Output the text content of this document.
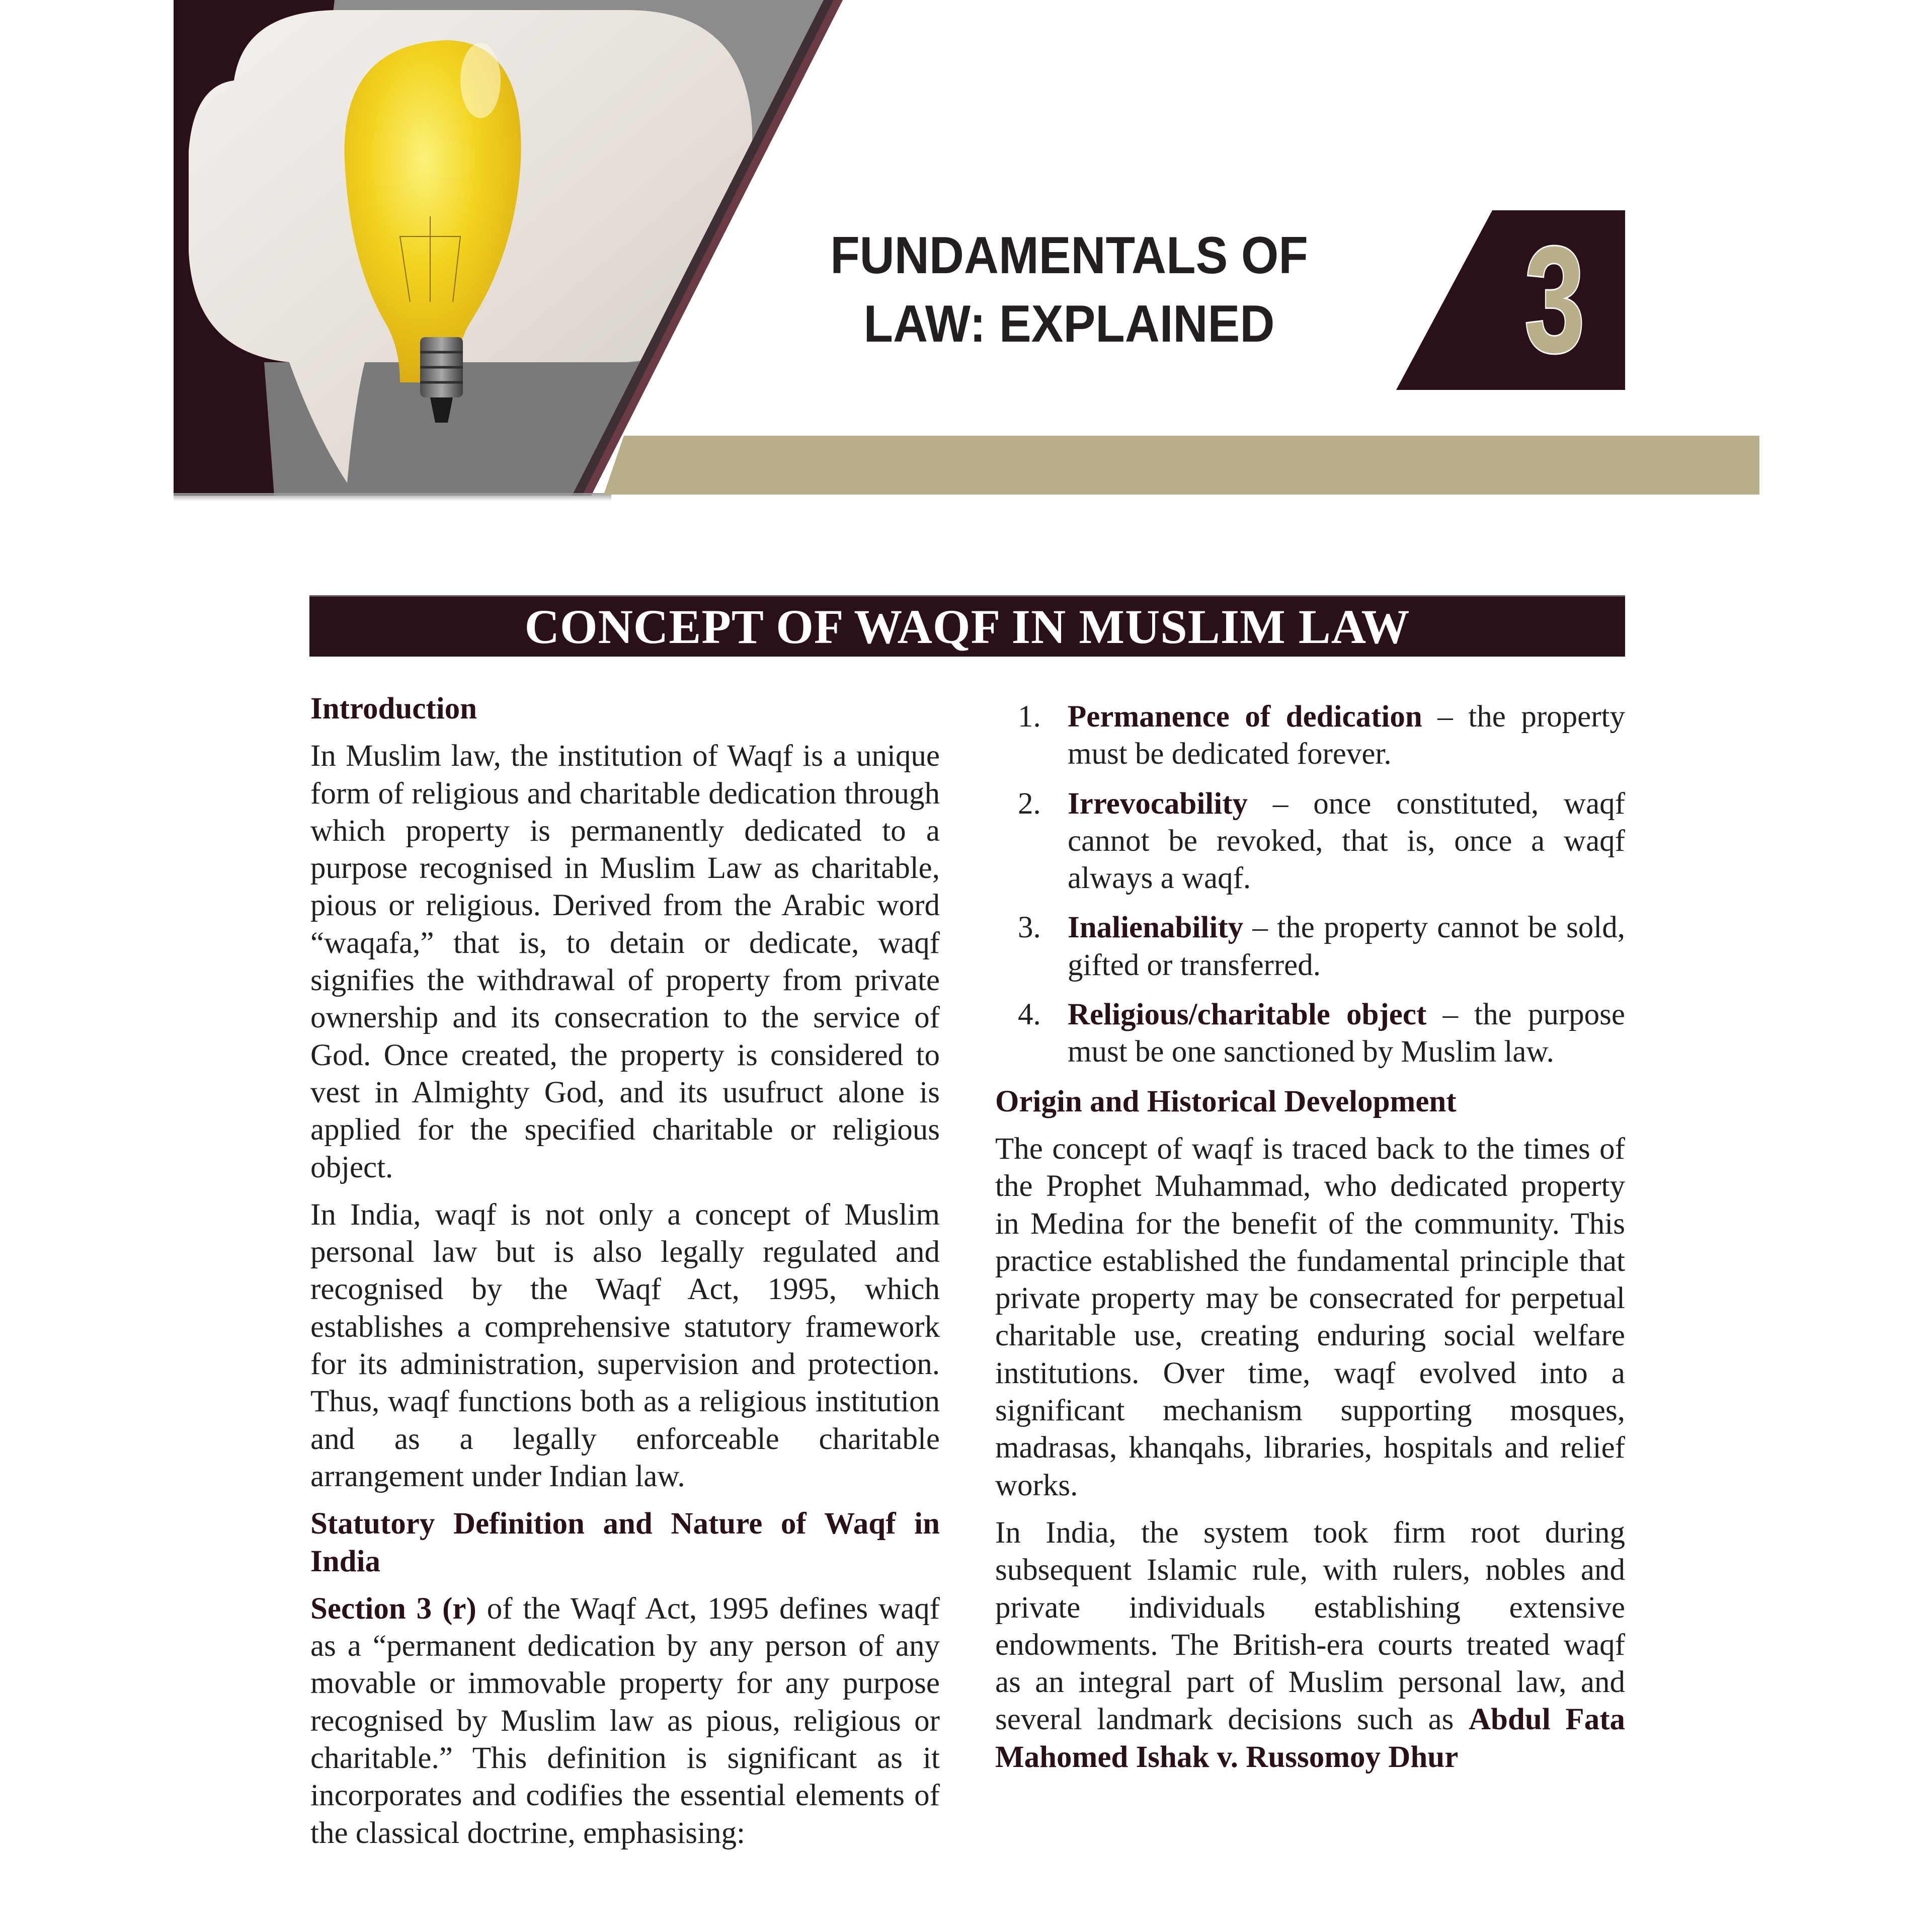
FUNDAMENTALS OF
LAW: EXPLAINED	3
CONCEPT OF WAQF IN MUSLIM LAW
Introduction
In Muslim law, the institution of Waqf is a unique form of religious and charitable dedication through which property is permanently dedicated to a purpose recognised in Muslim Law as charitable, pious or religious. Derived from the Arabic word “waqafa,” that is, to detain or dedicate, waqf signifies the withdrawal of property from private ownership and its consecration to the service of God. Once created, the property is considered to vest in Almighty God, and its usufruct alone is applied for the specified charitable or religious object.
In India, waqf is not only a concept of Muslim personal law but is also legally regulated and recognised by the Waqf Act, 1995, which establishes a comprehensive statutory framework for its administration, supervision and protection. Thus, waqf functions both as a religious institution and as a legally enforceable charitable arrangement under Indian law.
Statutory Definition and Nature of Waqf in India
Section 3 (r) of the Waqf Act, 1995 defines waqf as a “permanent dedication by any person of any movable or immovable property for any purpose recognised by Muslim law as pious, religious or charitable.” This definition is significant as it incorporates and codifies the essential elements of the classical doctrine, emphasising:
1. Permanence of dedication – the property must be dedicated forever.
2. Irrevocability – once constituted, waqf cannot be revoked, that is, once a waqf always a waqf.
3. Inalienability – the property cannot be sold, gifted or transferred.
4. Religious/charitable object – the purpose must be one sanctioned by Muslim law.
Origin and Historical Development
The concept of waqf is traced back to the times of the Prophet Muhammad, who dedicated property in Medina for the benefit of the community. This practice established the fundamental principle that private property may be consecrated for perpetual charitable use, creating enduring social welfare institutions. Over time, waqf evolved into a significant mechanism supporting mosques, madrasas, khanqahs, libraries, hospitals and relief works.
In India, the system took firm root during subsequent Islamic rule, with rulers, nobles and private individuals establishing extensive endowments. The British-era courts treated waqf as an integral part of Muslim personal law, and several landmark decisions such as Abdul Fata Mahomed Ishak v. Russomoy Dhur
